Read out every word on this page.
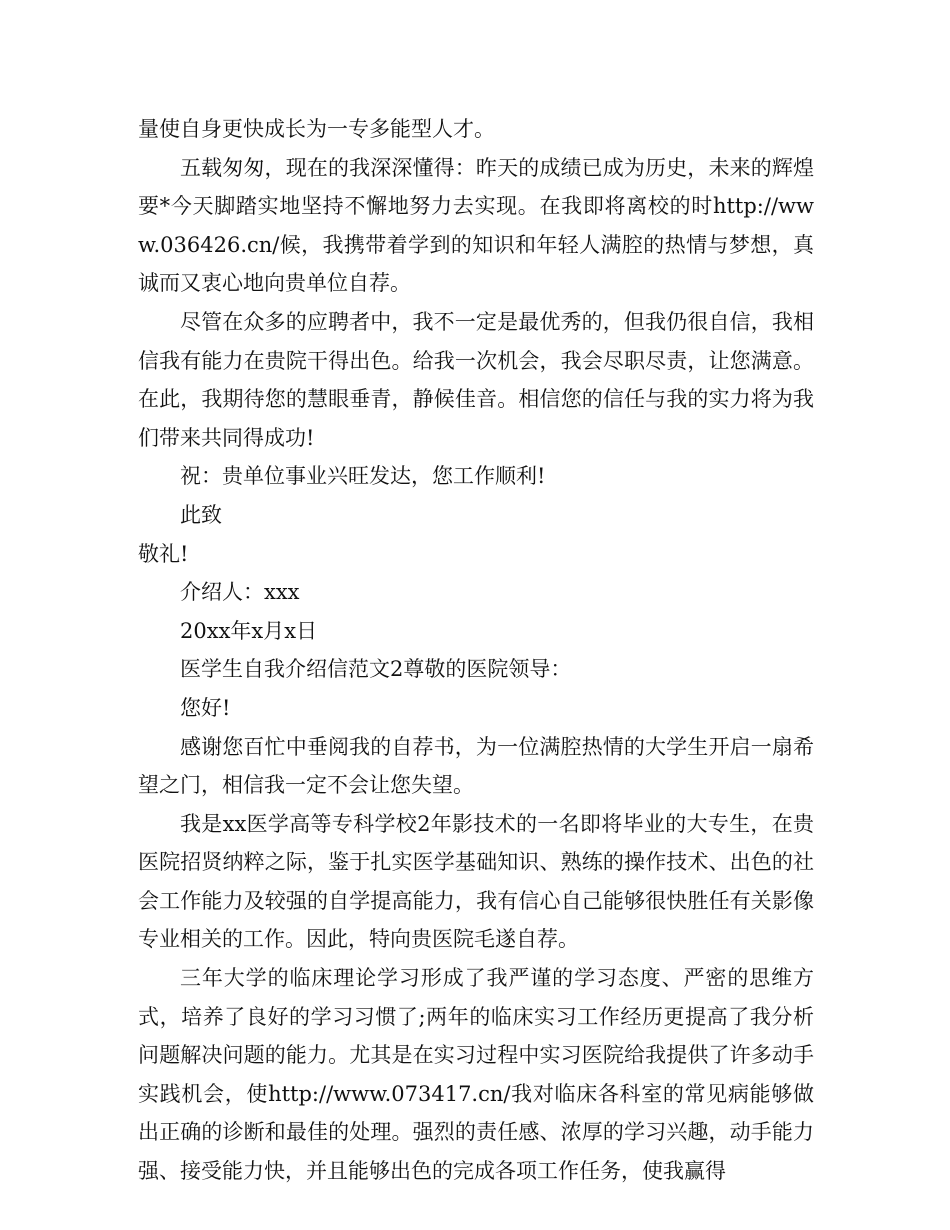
量使自身更快成长为一专多能型人才。

五载匆匆，现在的我深深懂得：昨天的成绩已成为历史，未来的辉煌要*今天脚踏实地坚持不懈地努力去实现。在我即将离校的时http://www.036426.cn/候，我携带着学到的知识和年轻人满腔的热情与梦想，真诚而又衷心地向贵单位自荐。

尽管在众多的应聘者中，我不一定是最优秀的，但我仍很自信，我相信我有能力在贵院干得出色。给我一次机会，我会尽职尽责，让您满意。在此，我期待您的慧眼垂青，静候佳音。相信您的信任与我的实力将为我们带来共同得成功!

祝：贵单位事业兴旺发达，您工作顺利!

此致

敬礼!

介绍人：xxx

20xx年x月x日

医学生自我介绍信范文2尊敬的医院领导：

您好!

感谢您百忙中垂阅我的自荐书，为一位满腔热情的大学生开启一扇希望之门，相信我一定不会让您失望。

我是xx医学高等专科学校2年影技术的一名即将毕业的大专生，在贵医院招贤纳粹之际，鉴于扎实医学基础知识、熟练的操作技术、出色的社会工作能力及较强的自学提高能力，我有信心自己能够很快胜任有关影像专业相关的工作。因此，特向贵医院毛遂自荐。

三年大学的临床理论学习形成了我严谨的学习态度、严密的思维方式，培养了良好的学习习惯了;两年的临床实习工作经历更提高了我分析问题解决问题的能力。尤其是在实习过程中实习医院给我提供了许多动手实践机会，使http://www.073417.cn/我对临床各科室的常见病能够做出正确的诊断和最佳的处理。强烈的责任感、浓厚的学习兴趣，动手能力强、接受能力快，并且能够出色的完成各项工作任务，使我赢得
